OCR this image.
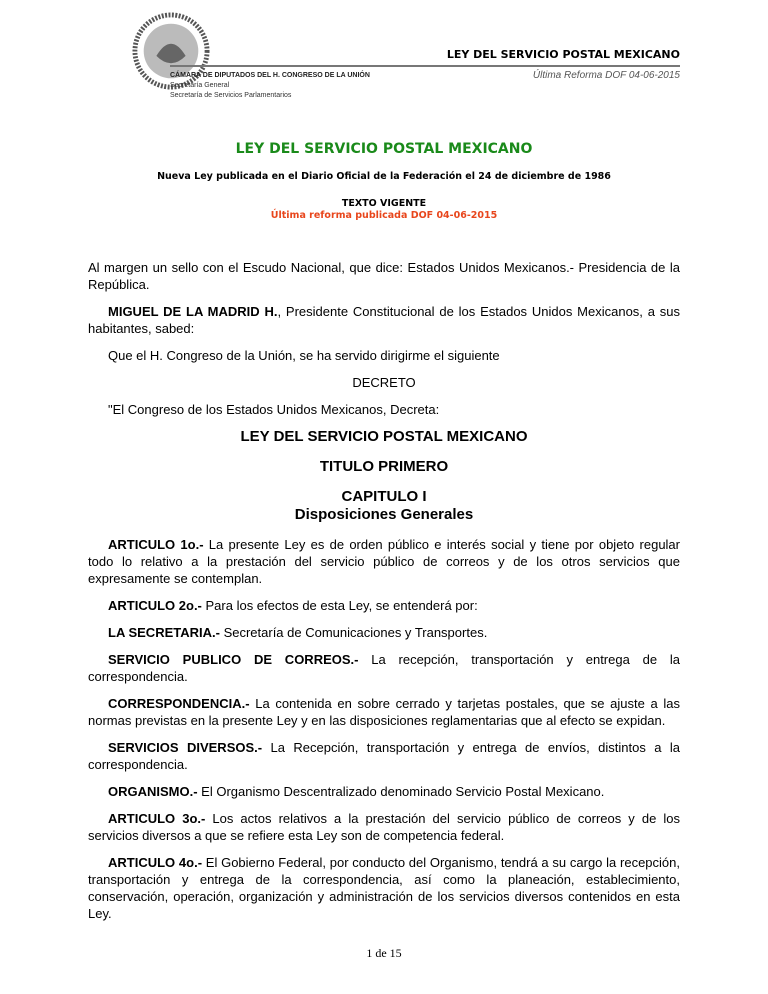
LEY DEL SERVICIO POSTAL MEXICANO
CÁMARA DE DIPUTADOS DEL H. CONGRESO DE LA UNIÓN
Secretaría General
Secretaría de Servicios Parlamentarios
Última Reforma DOF 04-06-2015
LEY DEL SERVICIO POSTAL MEXICANO
Nueva Ley publicada en el Diario Oficial de la Federación el 24 de diciembre de 1986
TEXTO VIGENTE
Última reforma publicada DOF 04-06-2015
Al margen un sello con el Escudo Nacional, que dice: Estados Unidos Mexicanos.- Presidencia de la República.
MIGUEL DE LA MADRID H., Presidente Constitucional de los Estados Unidos Mexicanos, a sus habitantes, sabed:
Que el H. Congreso de la Unión, se ha servido dirigirme el siguiente
DECRETO
"El Congreso de los Estados Unidos Mexicanos, Decreta:
LEY DEL SERVICIO POSTAL MEXICANO
TITULO PRIMERO
CAPITULO I
Disposiciones Generales
ARTICULO 1o.- La presente Ley es de orden público e interés social y tiene por objeto regular todo lo relativo a la prestación del servicio público de correos y de los otros servicios que expresamente se contemplan.
ARTICULO 2o.- Para los efectos de esta Ley, se entenderá por:
LA SECRETARIA.- Secretaría de Comunicaciones y Transportes.
SERVICIO PUBLICO DE CORREOS.- La recepción, transportación y entrega de la correspondencia.
CORRESPONDENCIA.- La contenida en sobre cerrado y tarjetas postales, que se ajuste a las normas previstas en la presente Ley y en las disposiciones reglamentarias que al efecto se expidan.
SERVICIOS DIVERSOS.- La Recepción, transportación y entrega de envíos, distintos a la correspondencia.
ORGANISMO.- El Organismo Descentralizado denominado Servicio Postal Mexicano.
ARTICULO 3o.- Los actos relativos a la prestación del servicio público de correos y de los servicios diversos a que se refiere esta Ley son de competencia federal.
ARTICULO 4o.- El Gobierno Federal, por conducto del Organismo, tendrá a su cargo la recepción, transportación y entrega de la correspondencia, así como la planeación, establecimiento, conservación, operación, organización y administración de los servicios diversos contenidos en esta Ley.
1 de 15
